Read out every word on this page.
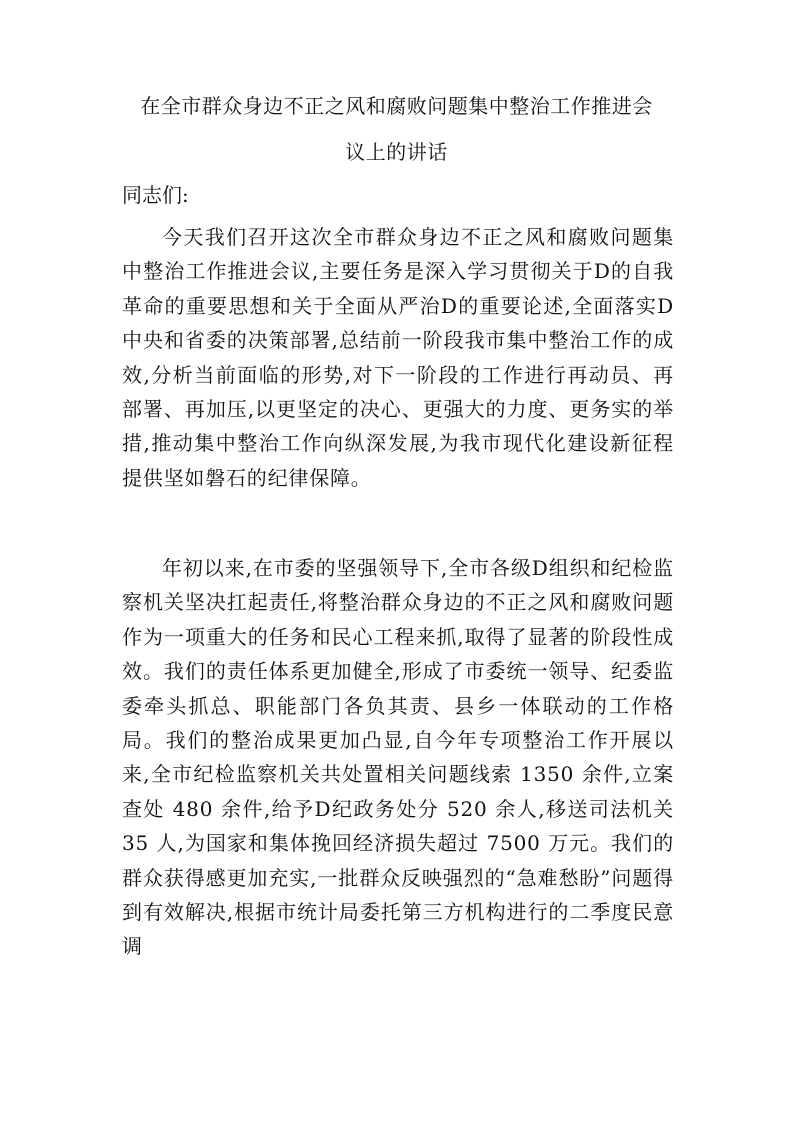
在全市群众身边不正之风和腐败问题集中整治工作推进会
议上的讲话
同志们:

今天我们召开这次全市群众身边不正之风和腐败问题集中整治工作推进会议,主要任务是深入学习贯彻关于D的自我革命的重要思想和关于全面从严治D的重要论述,全面落实D中央和省委的决策部署,总结前一阶段我市集中整治工作的成效,分析当前面临的形势,对下一阶段的工作进行再动员、再部署、再加压,以更坚定的决心、更强大的力度、更务实的举措,推动集中整治工作向纵深发展,为我市现代化建设新征程提供坚如磐石的纪律保障。

年初以来,在市委的坚强领导下,全市各级D组织和纪检监察机关坚决扛起责任,将整治群众身边的不正之风和腐败问题作为一项重大的任务和民心工程来抓,取得了显著的阶段性成效。我们的责任体系更加健全,形成了市委统一领导、纪委监委牵头抓总、职能部门各负其责、县乡一体联动的工作格局。我们的整治成果更加凸显,自今年专项整治工作开展以来,全市纪检监察机关共处置相关问题线索 1350 余件,立案查处 480 余件,给予D纪政务处分 520 余人,移送司法机关 35 人,为国家和集体挽回经济损失超过 7500 万元。我们的群众获得感更加充实,一批群众反映强烈的“急难愁盼”问题得到有效解决,根据市统计局委托第三方机构进行的二季度民意调
